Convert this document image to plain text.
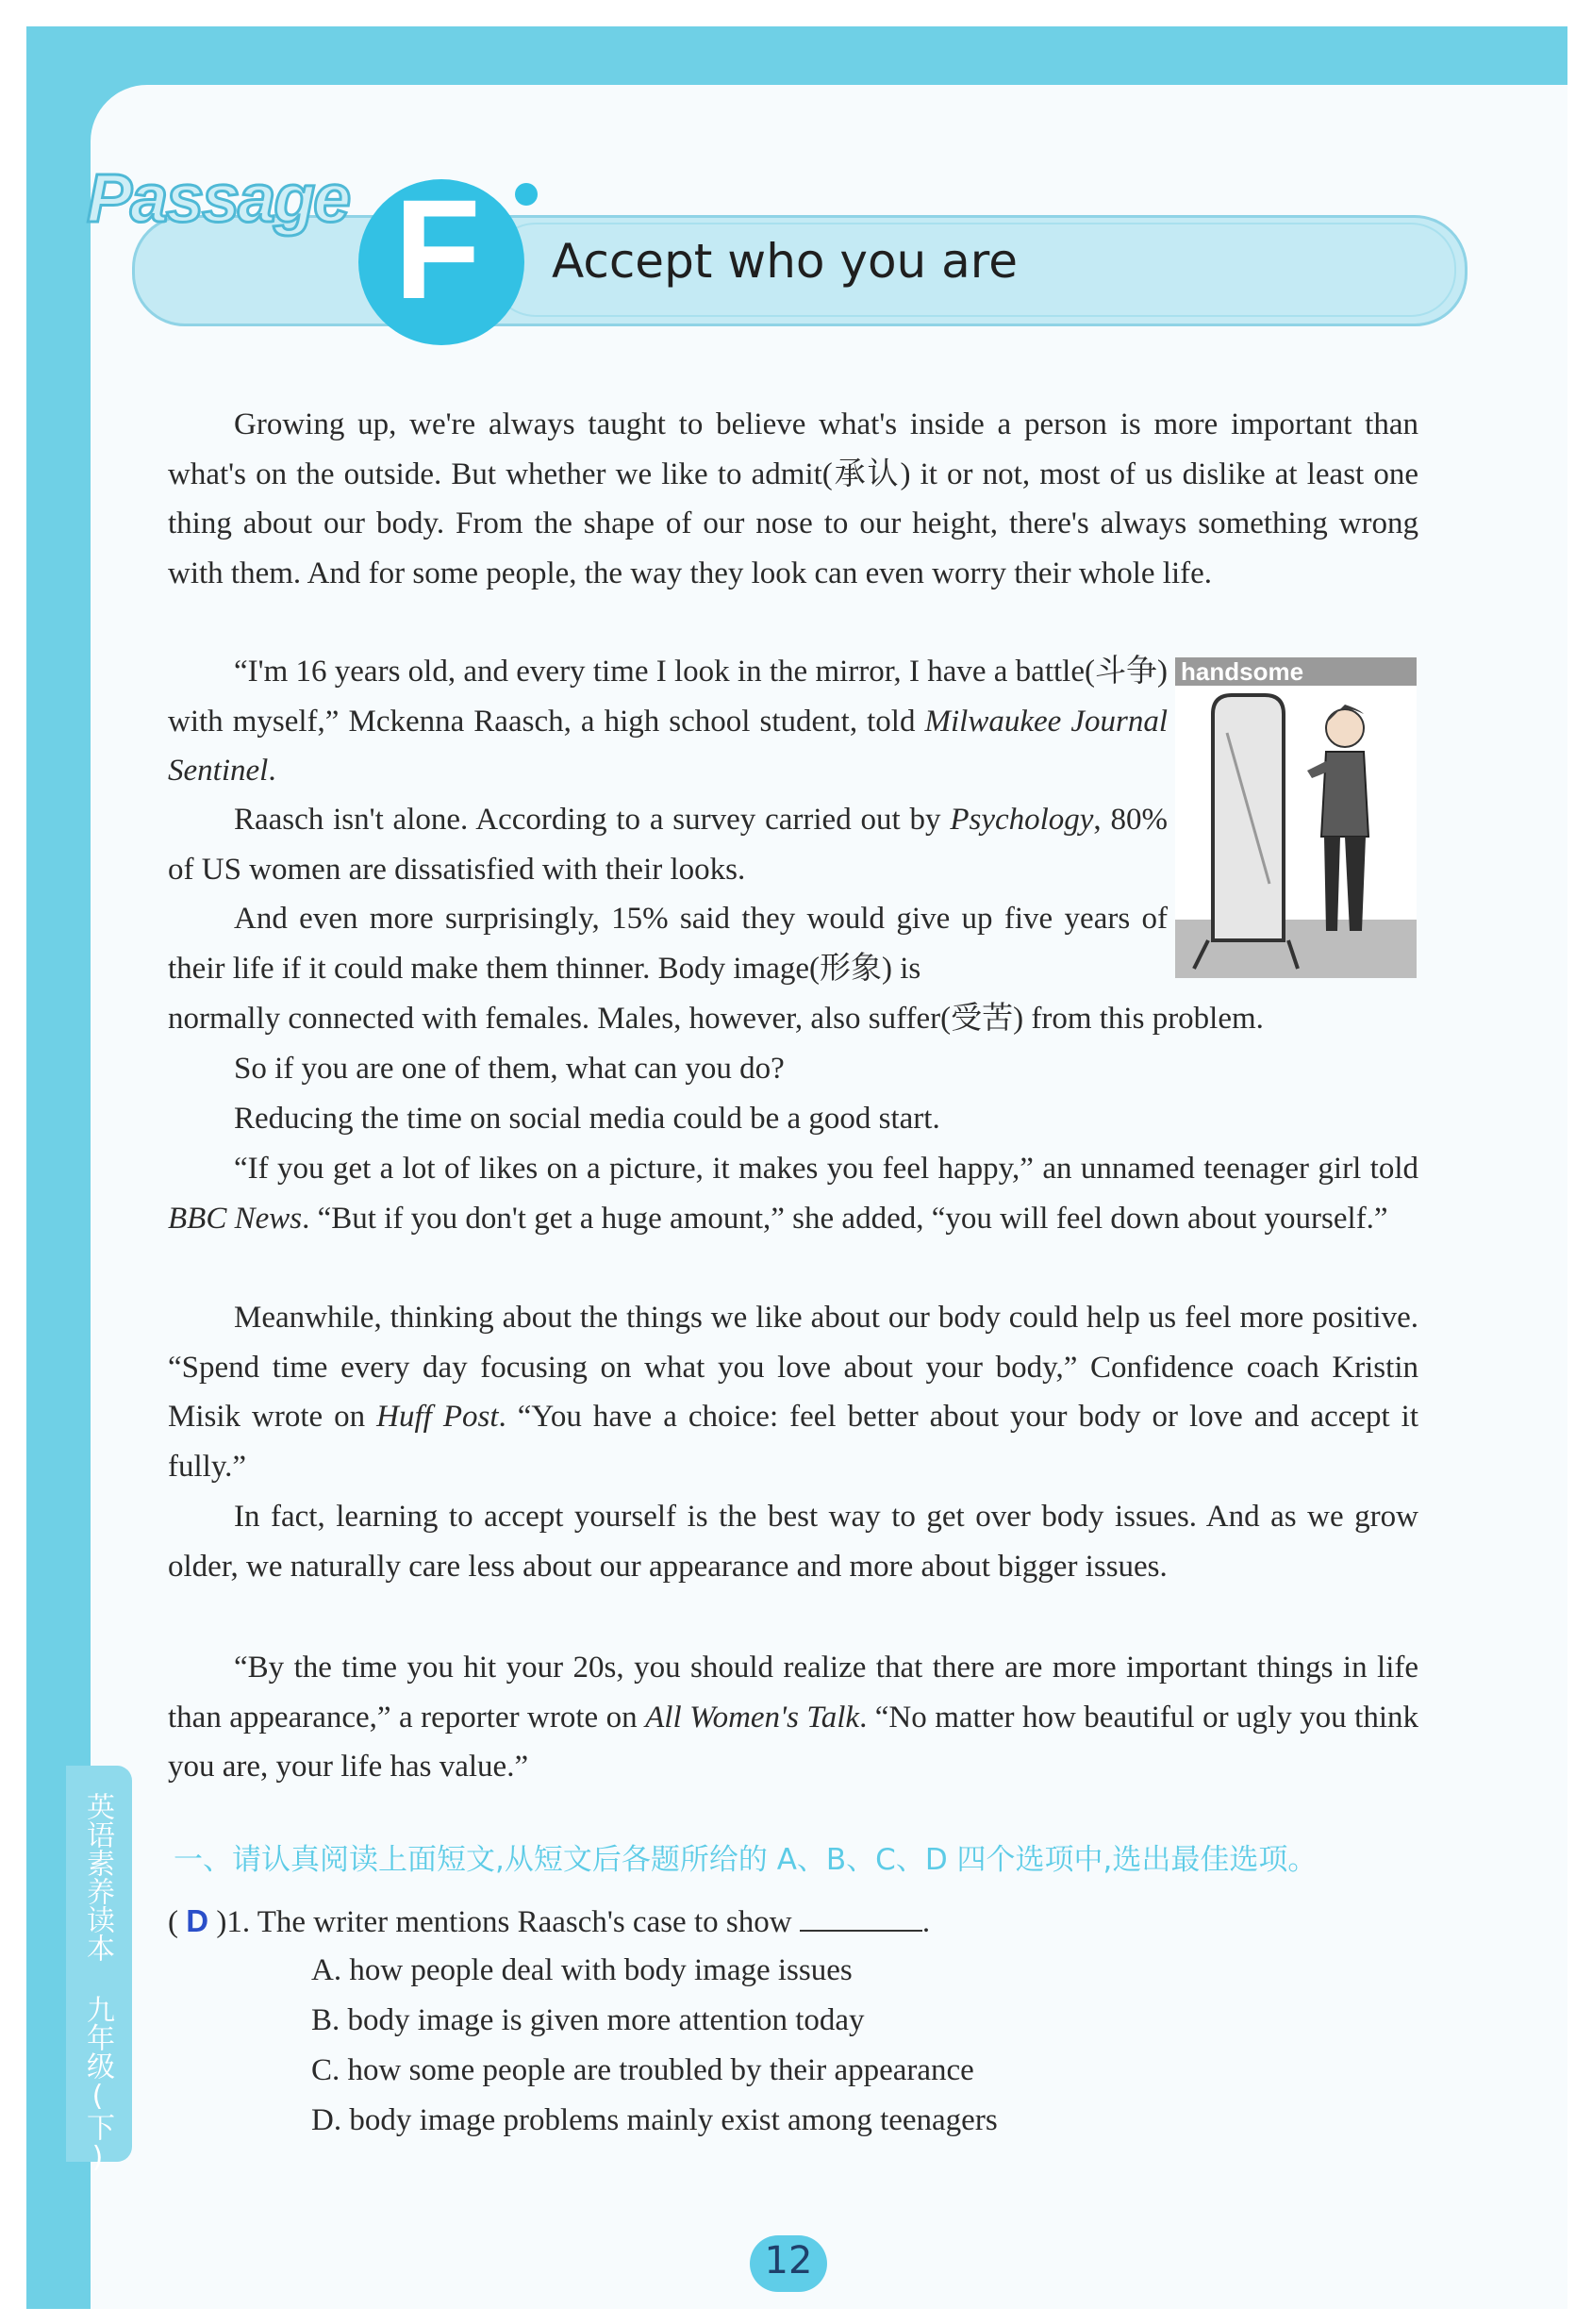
Passage F Accept who you are

Growing up, we're always taught to believe what's inside a person is more important than what's on the outside. But whether we like to admit(承认) it or not, most of us dislike at least one thing about our body. From the shape of our nose to our height, there's always something wrong with them. And for some people, the way they look can even worry their whole life.

“I'm 16 years old, and every time I look in the mirror, I have a battle(斗争) with myself,” Mckenna Raasch, a high school student, told Milwaukee Journal Sentinel.

Raasch isn't alone. According to a survey carried out by Psychology, 80% of US women are dissatisfied with their looks.

And even more surprisingly, 15% said they would give up five years of their life if it could make them thinner. Body image(形象) is

normally connected with females. Males, however, also suffer(受苦) from this problem.

So if you are one of them, what can you do?

Reducing the time on social media could be a good start.

“If you get a lot of likes on a picture, it makes you feel happy,” an unnamed teenager girl told BBC News. “But if you don't get a huge amount,” she added, “you will feel down about yourself.”

Meanwhile, thinking about the things we like about our body could help us feel more positive. “Spend time every day focusing on what you love about your body,” Confidence coach Kristin Misik wrote on Huff Post. “You have a choice: feel better about your body or love and accept it fully.”

In fact, learning to accept yourself is the best way to get over body issues. And as we grow older, we naturally care less about our appearance and more about bigger issues.

“By the time you hit your 20s, you should realize that there are more important things in life than appearance,” a reporter wrote on All Women's Talk. “No matter how beautiful or ugly you think you are, your life has value.”

handsome
一、请认真阅读上面短文,从短文后各题所给的 A、B、C、D 四个选项中,选出最佳选项。
( D )1. The writer mentions Raasch's case to show	.
A. how people deal with body image issues
B. body image is given more attention today
C. how some people are troubled by their appearance
D. body image problems mainly exist among teenagers
英语素养读本 九年级(下)
12
